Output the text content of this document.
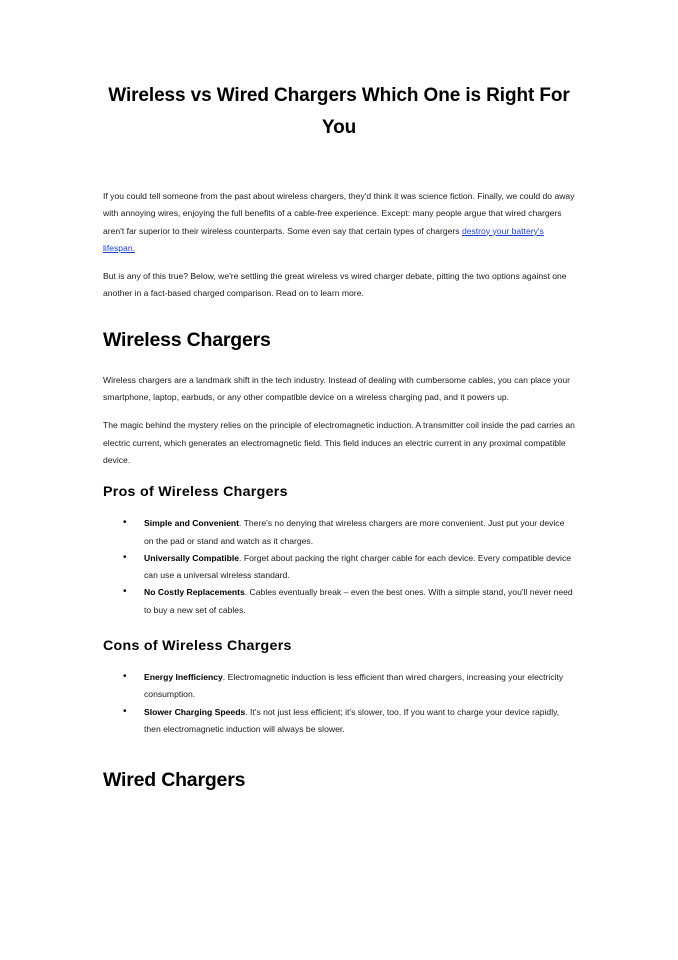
Wireless vs Wired Chargers Which One is Right For You

If you could tell someone from the past about wireless chargers, they'd think it was science fiction. Finally, we could do away with annoying wires, enjoying the full benefits of a cable-free experience. Except: many people argue that wired chargers aren't far superior to their wireless counterparts. Some even say that certain types of chargers destroy your battery's lifespan.

But is any of this true? Below, we're settling the great wireless vs wired charger debate, pitting the two options against one another in a fact-based charged comparison. Read on to learn more.

Wireless Chargers

Wireless chargers are a landmark shift in the tech industry. Instead of dealing with cumbersome cables, you can place your smartphone, laptop, earbuds, or any other compatible device on a wireless charging pad, and it powers up.

The magic behind the mystery relies on the principle of electromagnetic induction. A transmitter coil inside the pad carries an electric current, which generates an electromagnetic field. This field induces an electric current in any proximal compatible device.

Pros of Wireless Chargers
• Simple and Convenient. There's no denying that wireless chargers are more convenient. Just put your device on the pad or stand and watch as it charges.
• Universally Compatible. Forget about packing the right charger cable for each device. Every compatible device can use a universal wireless standard.
• No Costly Replacements. Cables eventually break – even the best ones. With a simple stand, you'll never need to buy a new set of cables.
Cons of Wireless Chargers
• Energy Inefficiency. Electromagnetic induction is less efficient than wired chargers, increasing your electricity consumption.
• Slower Charging Speeds. It's not just less efficient; it's slower, too. If you want to charge your device rapidly, then electromagnetic induction will always be slower.
Wired Chargers
